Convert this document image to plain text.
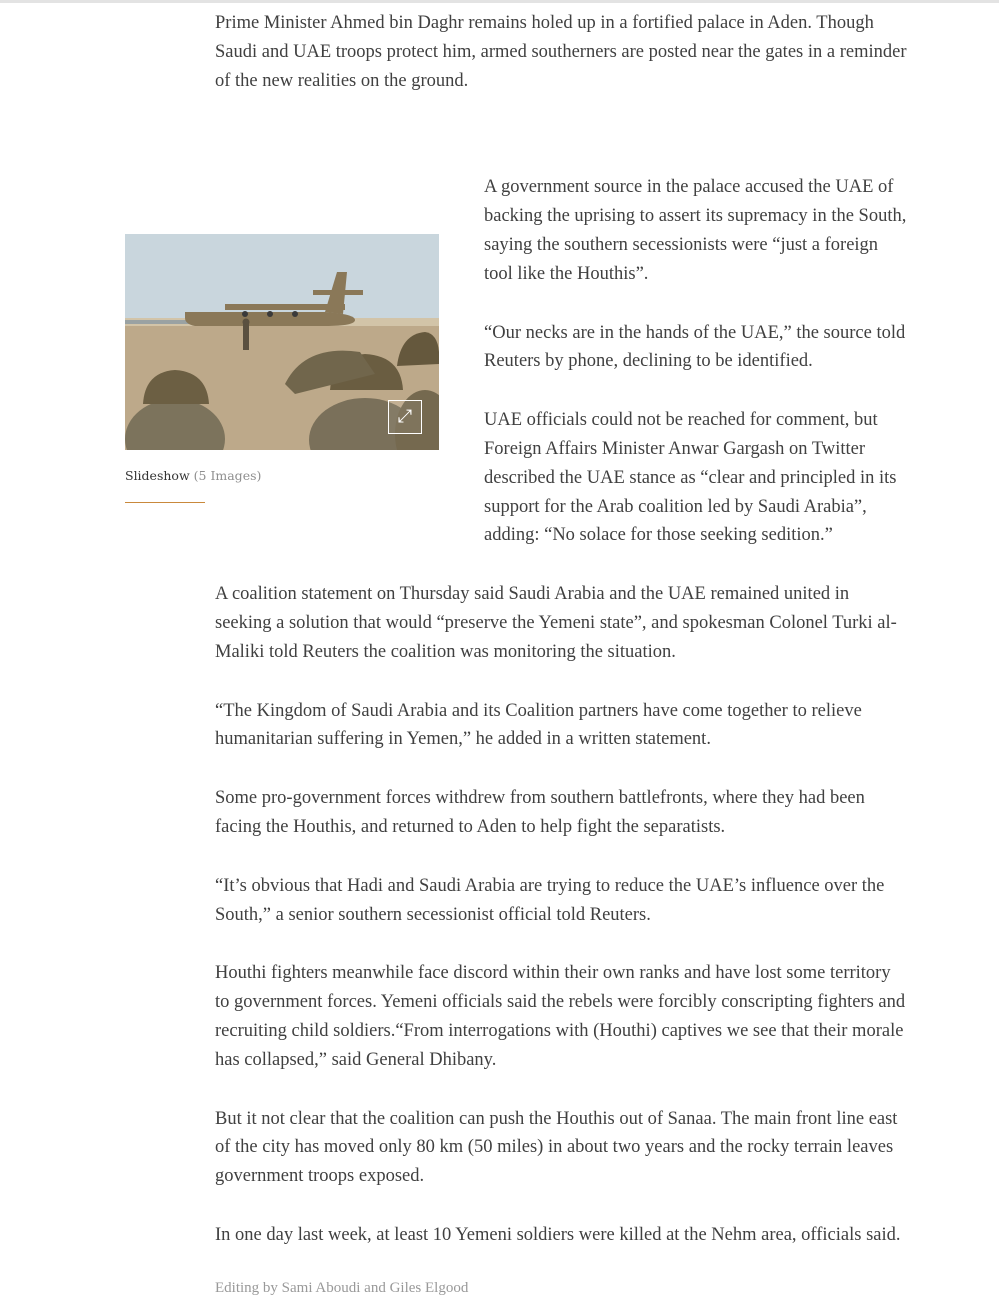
Prime Minister Ahmed bin Daghr remains holed up in a fortified palace in Aden. Though Saudi and UAE troops protect him, armed southerners are posted near the gates in a reminder of the new realities on the ground.

⤢
Slideshow (5 Images)

A government source in the palace accused the UAE of backing the uprising to assert its supremacy in the South, saying the southern secessionists were “just a foreign tool like the Houthis”.

“Our necks are in the hands of the UAE,” the source told Reuters by phone, declining to be identified.

UAE officials could not be reached for comment, but Foreign Affairs Minister Anwar Gargash on Twitter described the UAE stance as “clear and principled in its support for the Arab coalition led by Saudi Arabia”, adding: “No solace for those seeking sedition.”

A coalition statement on Thursday said Saudi Arabia and the UAE remained united in seeking a solution that would “preserve the Yemeni state”, and spokesman Colonel Turki al-Maliki told Reuters the coalition was monitoring the situation.

“The Kingdom of Saudi Arabia and its Coalition partners have come together to relieve humanitarian suffering in Yemen,” he added in a written statement.

Some pro-government forces withdrew from southern battlefronts, where they had been facing the Houthis, and returned to Aden to help fight the separatists.

“It’s obvious that Hadi and Saudi Arabia are trying to reduce the UAE’s influence over the South,” a senior southern secessionist official told Reuters.

Houthi fighters meanwhile face discord within their own ranks and have lost some territory to government forces. Yemeni officials said the rebels were forcibly conscripting fighters and recruiting child soldiers.“From interrogations with (Houthi) captives we see that their morale has collapsed,” said General Dhibany.

But it not clear that the coalition can push the Houthis out of Sanaa. The main front line east of the city has moved only 80 km (50 miles) in about two years and the rocky terrain leaves government troops exposed.

In one day last week, at least 10 Yemeni soldiers were killed at the Nehm area, officials said.

Editing by Sami Aboudi and Giles Elgood
